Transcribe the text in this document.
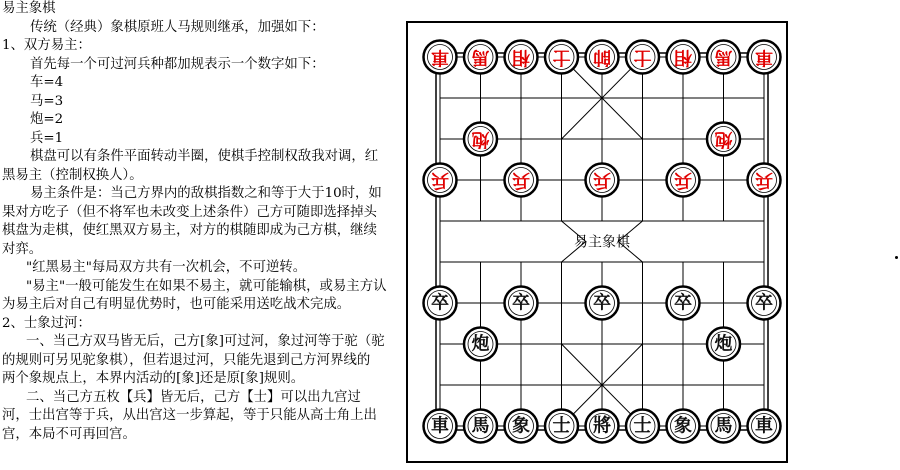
易主象棋

传统（经典）象棋原班人马规则继承，加强如下：

1、双方易主：

首先每一个可过河兵种都加规表示一个数字如下：

车=4

马=3

炮=2

兵=1

棋盘可以有条件平面转动半圈，使棋手控制权敌我对调，红

黑易主（控制权换人）。

易主条件是：当己方界内的敌棋指数之和等于大于10时，如

果对方吃子（但不将军也未改变上述条件）己方可随即选择掉头

棋盘为走棋，使红黑双方易主，对方的棋随即成为己方棋，继续

对弈。

"红黑易主"每局双方共有一次机会，不可逆转。

"易主"一般可能发生在如果不易主，就可能输棋，或易主方认

为易主后对自己有明显优势时，也可能采用送吃战术完成。

2、士象过河：

一、当己方双马皆无后，己方[象]可过河，象过河等于驼（驼

的规则可另见驼象棋），但若退过河，只能先退到己方河界线的

两个象规点上，本界内活动的[象]还是原[象]规则。

二、当己方五枚【兵】皆无后，己方【士】可以出九宫过

河，士出宫等于兵，从出宫这一步算起，等于只能从高士角上出

宫，本局不可再回宫。

易主象棋
車 馬 相 士 帥 士 相 馬 車
炮	炮
兵	兵	兵	兵	兵
卒	卒	卒	卒	卒
炮	炮
車 馬 象 士 將 士 象 馬 車
